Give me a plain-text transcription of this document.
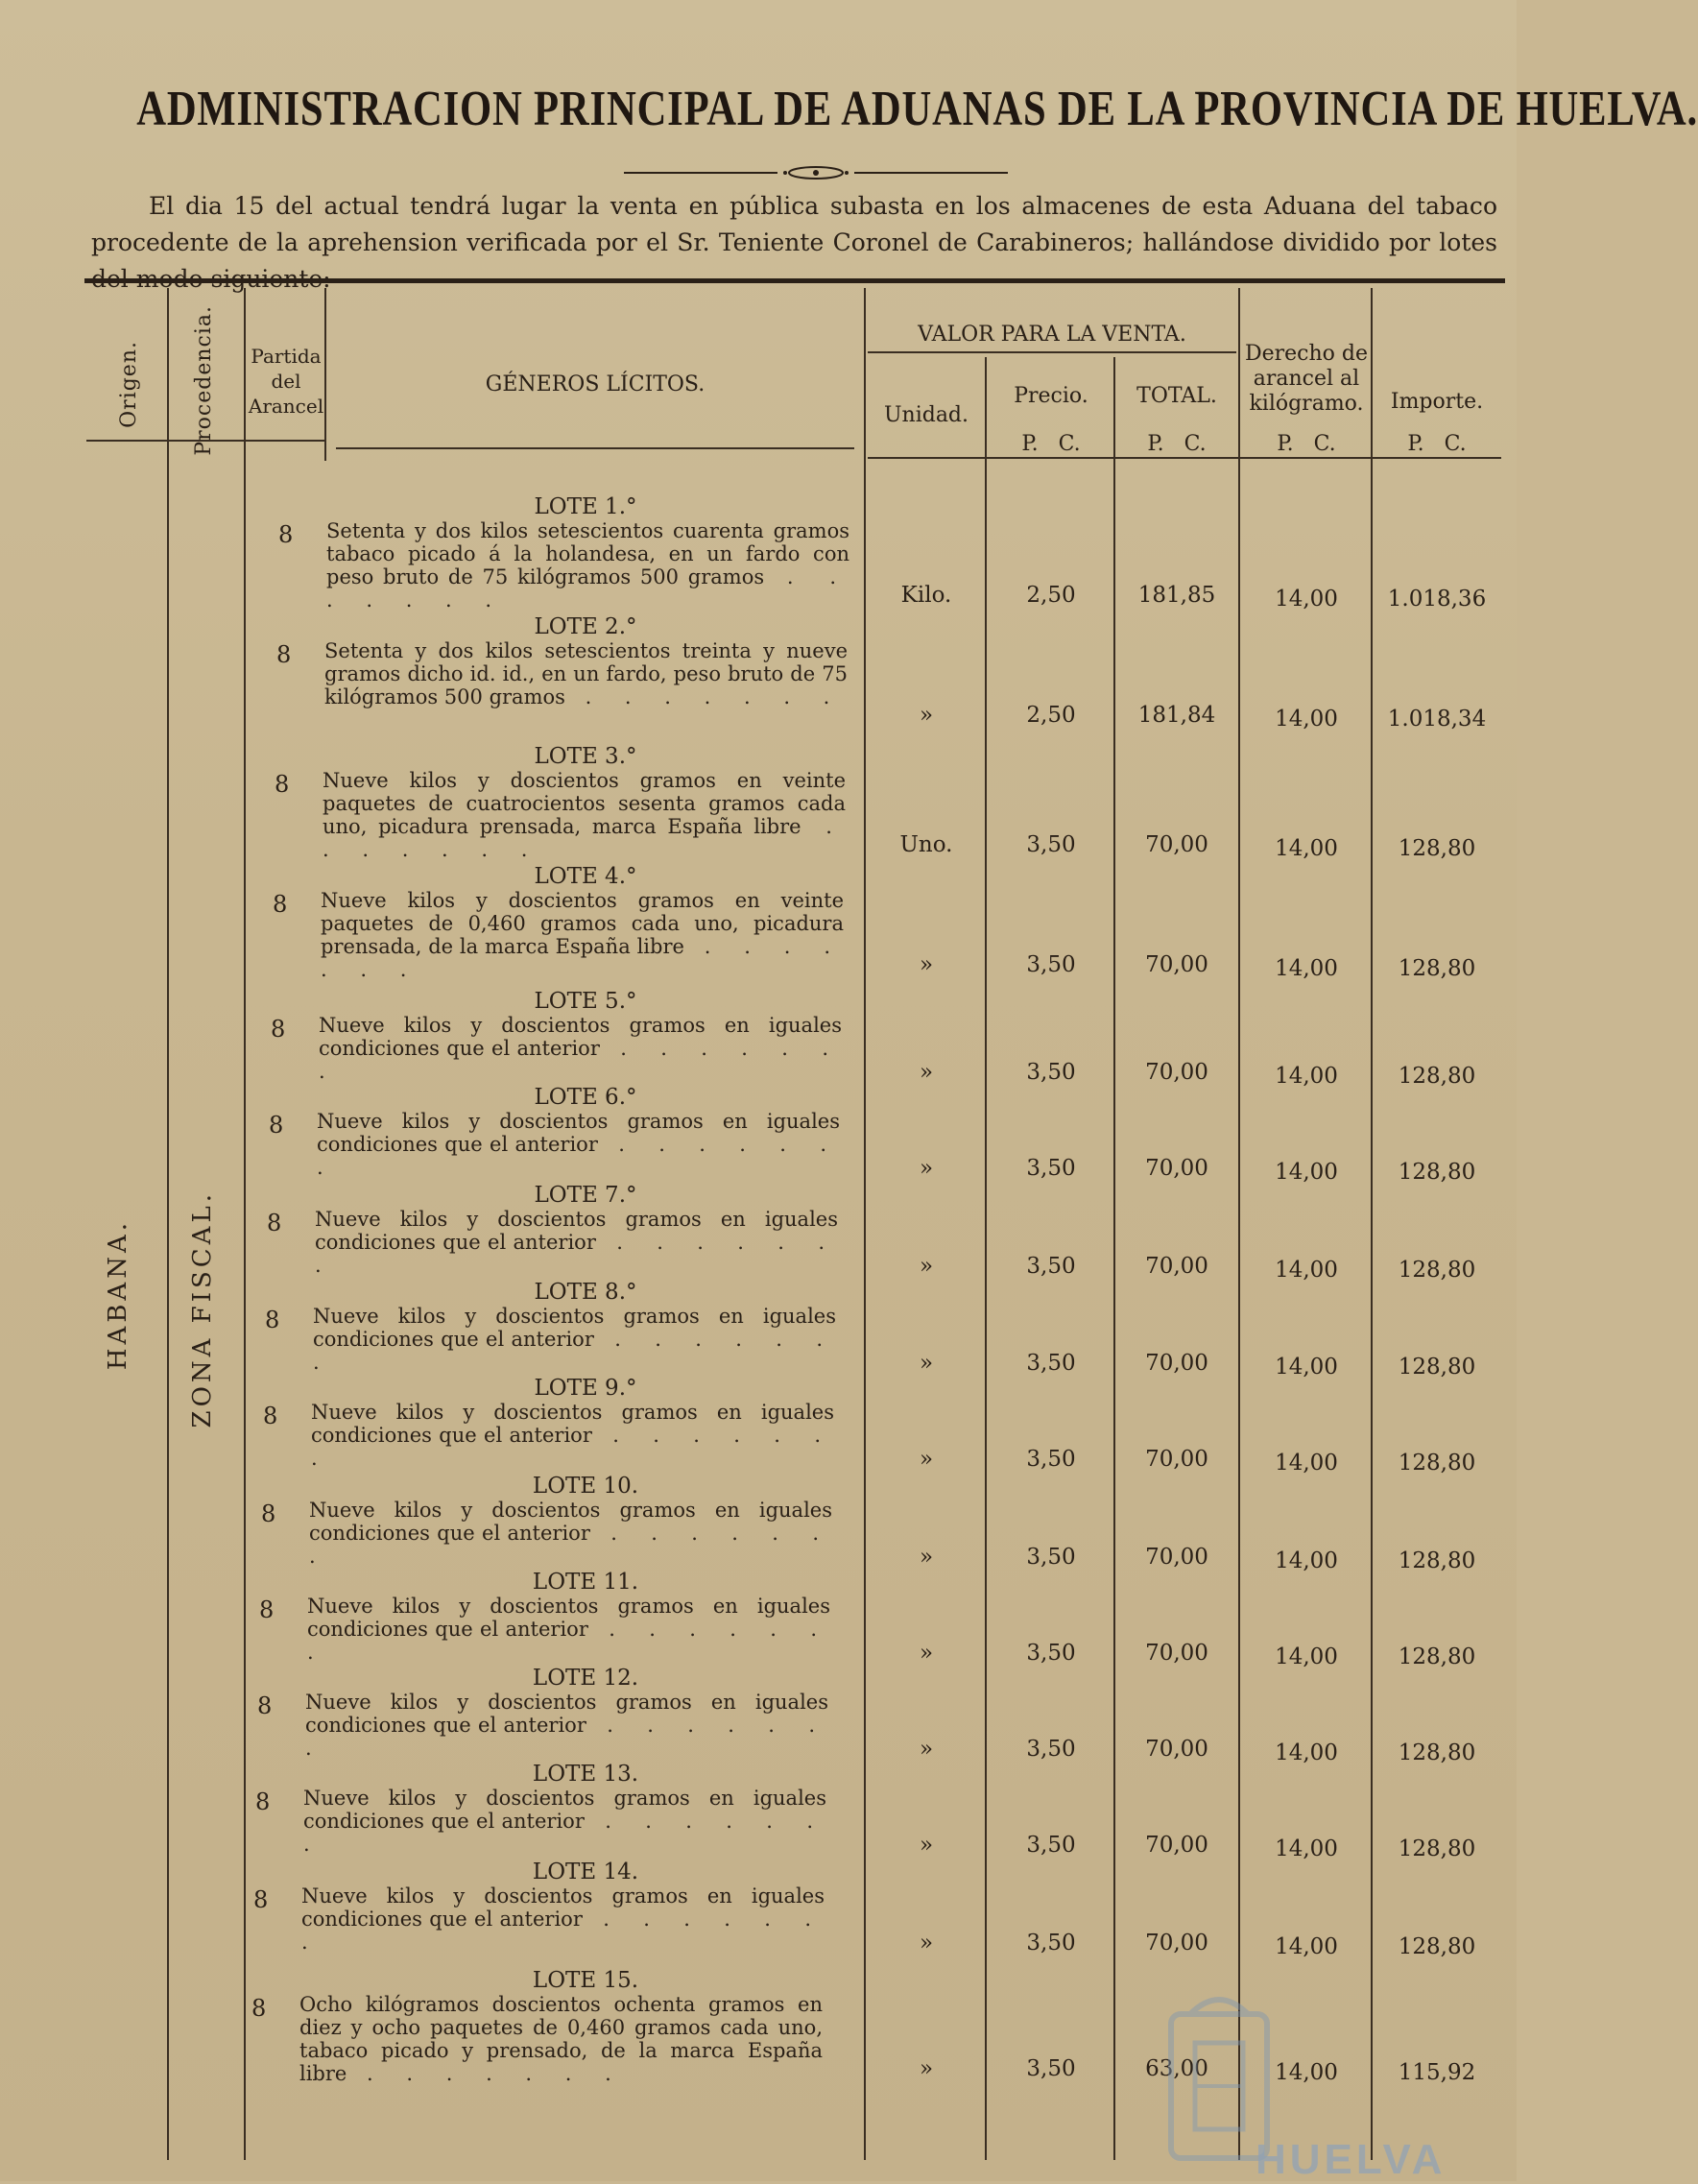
ADMINISTRACION PRINCIPAL DE ADUANAS DE LA PROVINCIA DE HUELVA.
El dia 15 del actual tendrá lugar la venta en pública subasta en los almacenes de esta Aduana del tabaco procedente de la aprehension verificada por el Sr. Teniente Coronel de Carabineros; hallándose dividido por lotes
Origen. Procedencia. Partida del Arancel
GÉNEROS LÍCITOS.
VALOR PARA LA VENTA.
Unidad.
Precio.	TOTAL.
Derecho de arancel al kilógramo.	Importe.
P.   C.	P.   C.	P.   C.	P.   C.
HABANA. ZONA FISCAL.
8
LOTE 1.°
Setenta y dos kilos setescientos cuarenta gramos tabaco picado á la holandesa, en un fardo con peso bruto de 75 kilógramos 500 gramos . . . . . . .	Kilo.	2,50	181,85	14,00	1.018,36
8
LOTE 2.°
Setenta y dos kilos setescientos treinta y nueve gramos dicho id. id., en un fardo, peso bruto de 75 kilógramos 500 gramos . . . . . . .
»	2,50	181,84	14,00	1.018,34
8
LOTE 3.°
Nueve kilos y doscientos gramos en veinte paquetes de cuatrocientos sesenta gramos cada uno, picadura prensada, marca España libre . . . . . . .	Uno.	3,50	70,00	14,00	128,80
8
LOTE 4.°
Nueve kilos y doscientos gramos en veinte paquetes de 0,460 gramos cada uno, picadura prensada, de la marca España libre . . . . . . .	»	3,50	70,00	14,00	128,80
8
LOTE 5.°
Nueve kilos y doscientos gramos en iguales condiciones que el anterior . . . . . . .	»	3,50	70,00	14,00	128,80
8
LOTE 6.°
Nueve kilos y doscientos gramos en iguales condiciones que el anterior . . . . . . .	»	3,50	70,00	14,00	128,80
8
LOTE 7.°
Nueve kilos y doscientos gramos en iguales condiciones que el anterior . . . . . . .	»	3,50	70,00	14,00	128,80
8
LOTE 8.°
Nueve kilos y doscientos gramos en iguales condiciones que el anterior . . . . . . .	»	3,50	70,00	14,00	128,80
8
LOTE 9.°
Nueve kilos y doscientos gramos en iguales condiciones que el anterior . . . . . . .	»	3,50	70,00	14,00	128,80
8
LOTE 10.
Nueve kilos y doscientos gramos en iguales condiciones que el anterior . . . . . . .	»	3,50	70,00	14,00	128,80
8
LOTE 11.
Nueve kilos y doscientos gramos en iguales condiciones que el anterior . . . . . . .	»	3,50	70,00	14,00	128,80
8
LOTE 12.
Nueve kilos y doscientos gramos en iguales condiciones que el anterior . . . . . . .	»	3,50	70,00	14,00	128,80
8
LOTE 13.
Nueve kilos y doscientos gramos en iguales condiciones que el anterior . . . . . . .	»	3,50	70,00	14,00	128,80
8
LOTE 14.
Nueve kilos y doscientos gramos en iguales condiciones que el anterior . . . . . . .	»	3,50	70,00	14,00	128,80
8
LOTE 15.
Ocho kilógramos doscientos ochenta gramos en diez y ocho paquetes de 0,460 gramos cada uno, tabaco picado y prensado, de la marca España libre . . . . . . .	»	3,50	63,00	14,00	115,92
HUELVA
